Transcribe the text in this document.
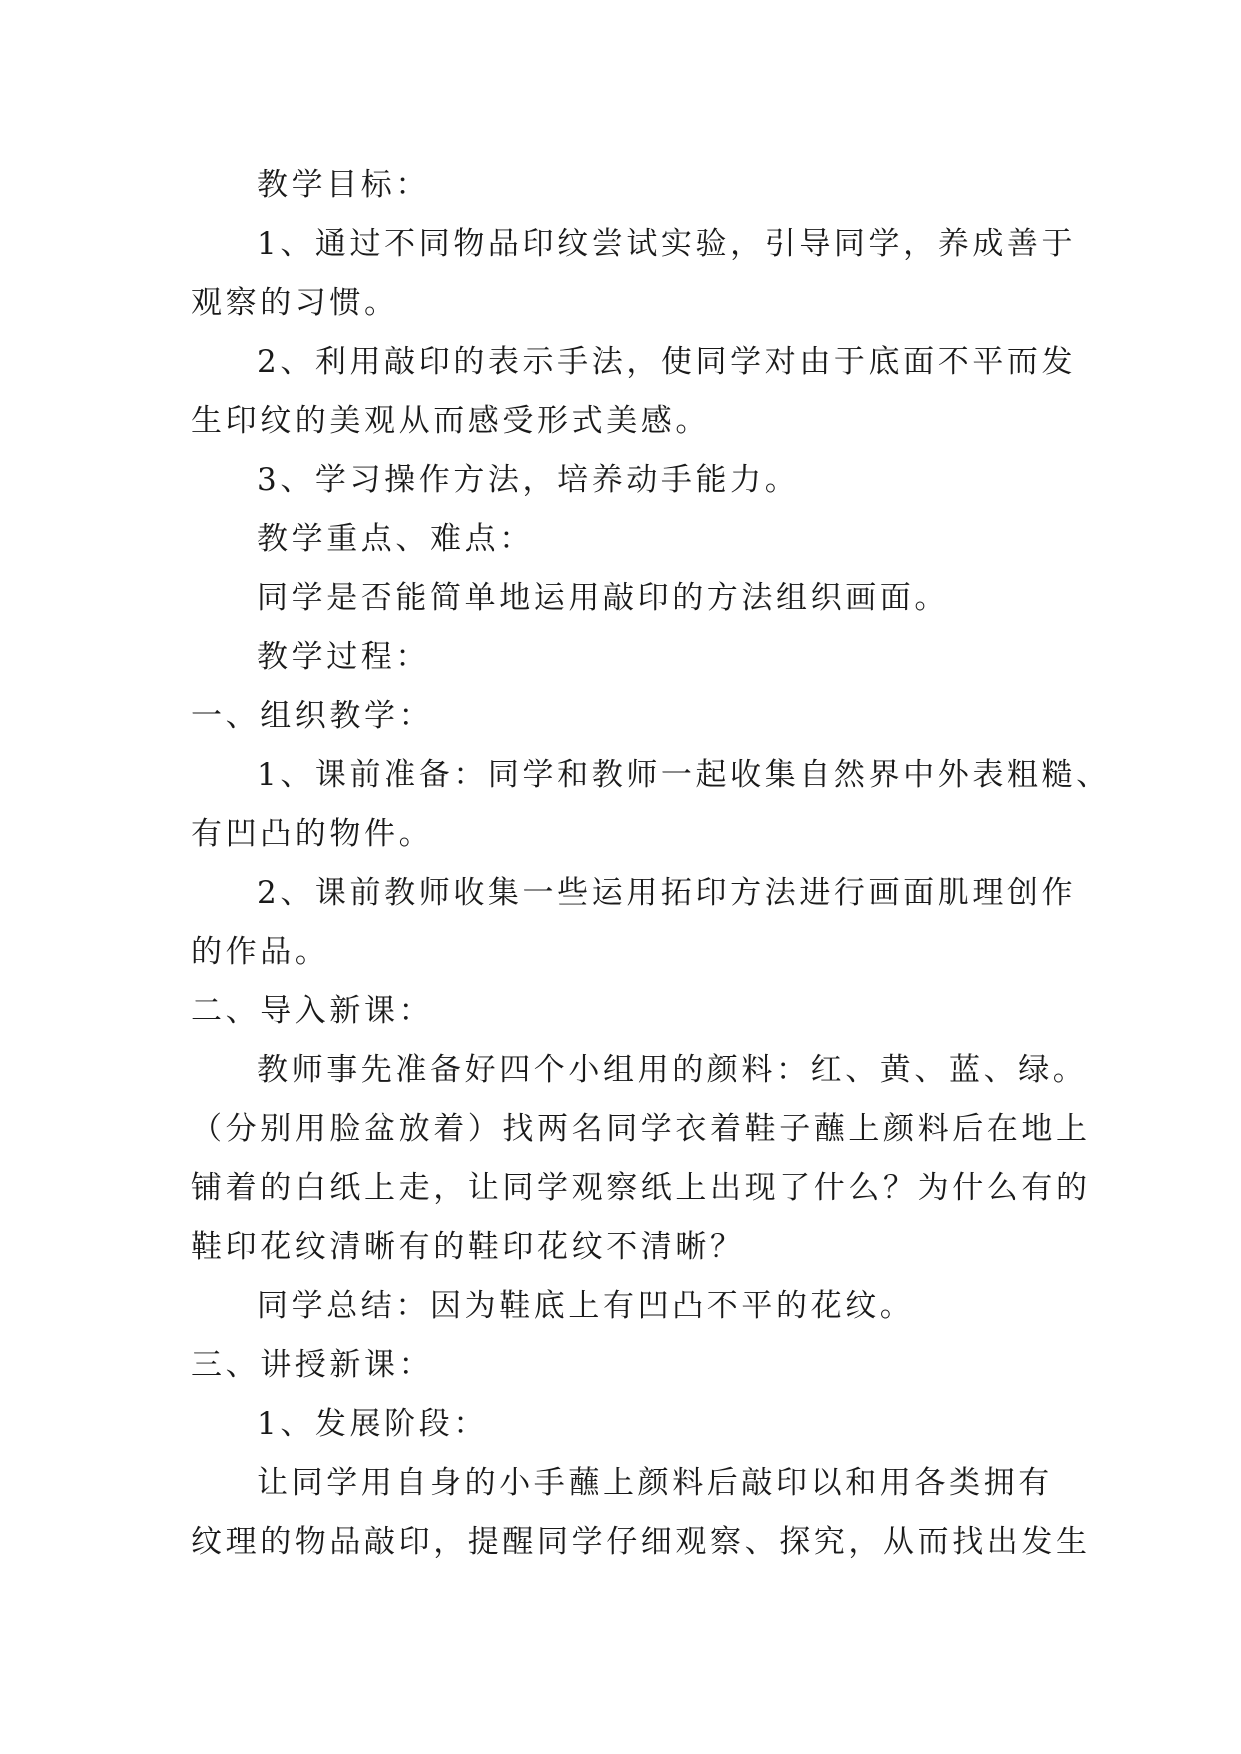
教学目标：
1、通过不同物品印纹尝试实验，引导同学，养成善于
观察的习惯。
2、利用敲印的表示手法，使同学对由于底面不平而发
生印纹的美观从而感受形式美感。
3、学习操作方法，培养动手能力。
教学重点、难点：
同学是否能简单地运用敲印的方法组织画面。
教学过程：
一、组织教学：
1、课前准备：同学和教师一起收集自然界中外表粗糙、
有凹凸的物件。
2、课前教师收集一些运用拓印方法进行画面肌理创作
的作品。
二、导入新课：
教师事先准备好四个小组用的颜料：红、黄、蓝、绿。
（分别用脸盆放着）找两名同学衣着鞋子蘸上颜料后在地上
铺着的白纸上走，让同学观察纸上出现了什么？为什么有的
鞋印花纹清晰有的鞋印花纹不清晰？
同学总结：因为鞋底上有凹凸不平的花纹。
三、讲授新课：
1、发展阶段：
让同学用自身的小手蘸上颜料后敲印以和用各类拥有
纹理的物品敲印，提醒同学仔细观察、探究，从而找出发生
